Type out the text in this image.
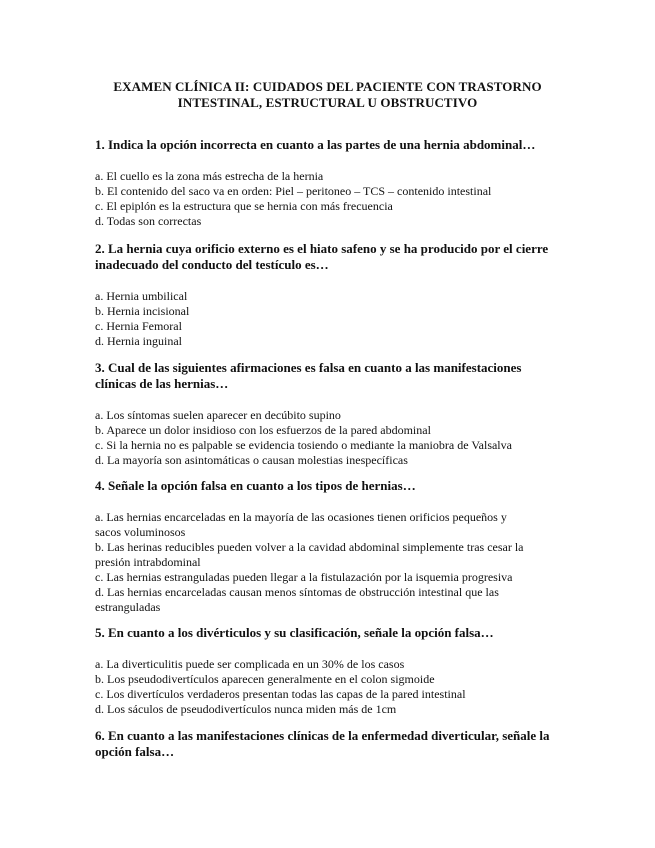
EXAMEN CLÍNICA II: CUIDADOS DEL PACIENTE CON TRASTORNO
INTESTINAL, ESTRUCTURAL U OBSTRUCTIVO

1. Indica la opción incorrecta en cuanto a las partes de una hernia abdominal…

a. El cuello es la zona más estrecha de la hernia

b. El contenido del saco va en orden: Piel – peritoneo – TCS – contenido intestinal

c. El epiplón es la estructura que se hernia con más frecuencia

d. Todas son correctas

2. La hernia cuya orificio externo es el hiato safeno y se ha producido por el cierre

inadecuado del conducto del testículo es…

a. Hernia umbilical

b. Hernia incisional

c. Hernia Femoral

d. Hernia inguinal

3. Cual de las siguientes afirmaciones es falsa en cuanto a las manifestaciones

clínicas de las hernias…

a. Los síntomas suelen aparecer en decúbito supino

b. Aparece un dolor insidioso con los esfuerzos de la pared abdominal

c. Si la hernia no es palpable se evidencia tosiendo o mediante la maniobra de Valsalva

d. La mayoría son asintomáticas o causan molestias inespecíficas

4. Señale la opción falsa en cuanto a los tipos de hernias…

a. Las hernias encarceladas en la mayoría de las ocasiones tienen orificios pequeños y

sacos voluminosos

b. Las herinas reducibles pueden volver a la cavidad abdominal simplemente tras cesar la

presión intrabdominal

c. Las hernias estranguladas pueden llegar a la fistulazación por la isquemia progresiva

d. Las hernias encarceladas causan menos síntomas de obstrucción intestinal que las

estranguladas

5. En cuanto a los divérticulos y su clasificación, señale la opción falsa…

a. La diverticulitis puede ser complicada en un 30% de los casos

b. Los pseudodivertículos aparecen generalmente en el colon sigmoide

c. Los divertículos verdaderos presentan todas las capas de la pared intestinal

d. Los sáculos de pseudodivertículos nunca miden más de 1cm

6. En cuanto a las manifestaciones clínicas de la enfermedad diverticular, señale la

opción falsa…
